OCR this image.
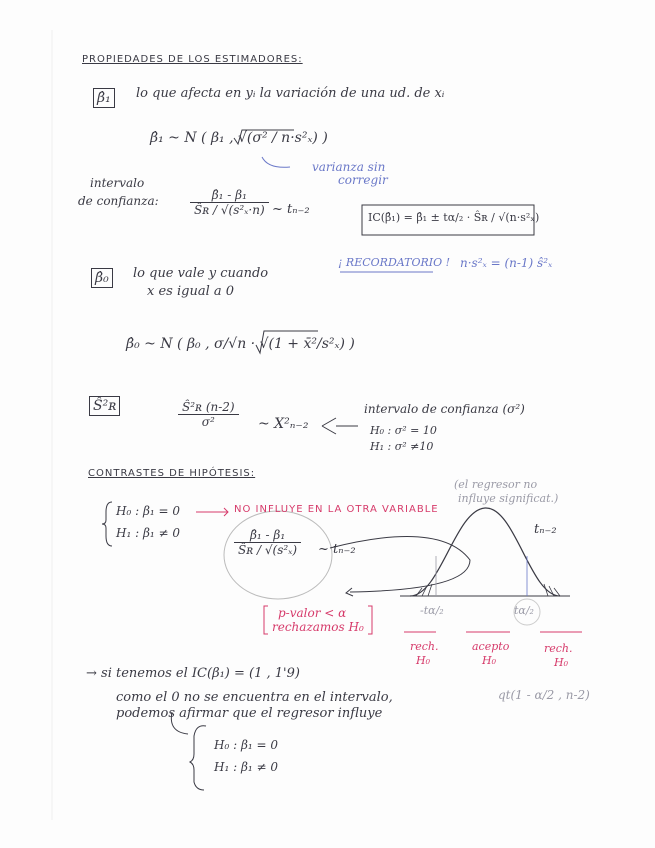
PROPIEDADES DE LOS ESTIMADORES:
β̂₁	lo que afecta en yᵢ la variación de una ud. de xᵢ
β̂₁ ~ N ( β₁ , √(σ² / n·s²ₓ) )
varianza sin
corregir
intervalo
de confianza:	$\frac{\text{β̂₁ - β₁}}{\text{Ŝʀ / √(s²ₓ·n)}}$ ~ tₙ₋₂
IC(β̂₁) = β̂₁ ± tα/₂ · Ŝʀ / √(n·s²ₓ)
¡ RECORDATORIO ! n·s²ₓ = (n-1) ŝ²ₓ
β̂₀	lo que vale y cuando
x es igual a 0
β̂₀ ~ N ( β₀ , σ/√n · √(1 + x̄²/s²ₓ) )
Ŝ²ʀ	$\frac{\text{Ŝ²ʀ (n-2)}}{\text{σ²}}$ ~ X²ₙ₋₂
intervalo de confianza (σ²)
H₀ : σ² = 10
H₁ : σ² ≠10
CONTRASTES DE HIPÓTESIS:
H₀ : β₁ = 0
H₁ : β₁ ≠ 0
NO INFLUYE EN LA OTRA VARIABLE
(el regresor no
influye significat.)
$\frac{\text{β̂₁ - β₁}}{\text{Ŝʀ / √(s²ₓ)}}$ ~ tₙ₋₂
tₙ₋₂
-tα/₂	tα/₂
p-valor < α
rechazamos H₀
rech.
H₀
acepto
H₀
rech.
H₀
qt(1 - α/2 , n-2)
→ si tenemos el IC(β₁) = (1 , 1'9)
como el 0 no se encuentra en el intervalo,
podemos afirmar que el regresor influye
H₀ : β₁ = 0
H₁ : β₁ ≠ 0
